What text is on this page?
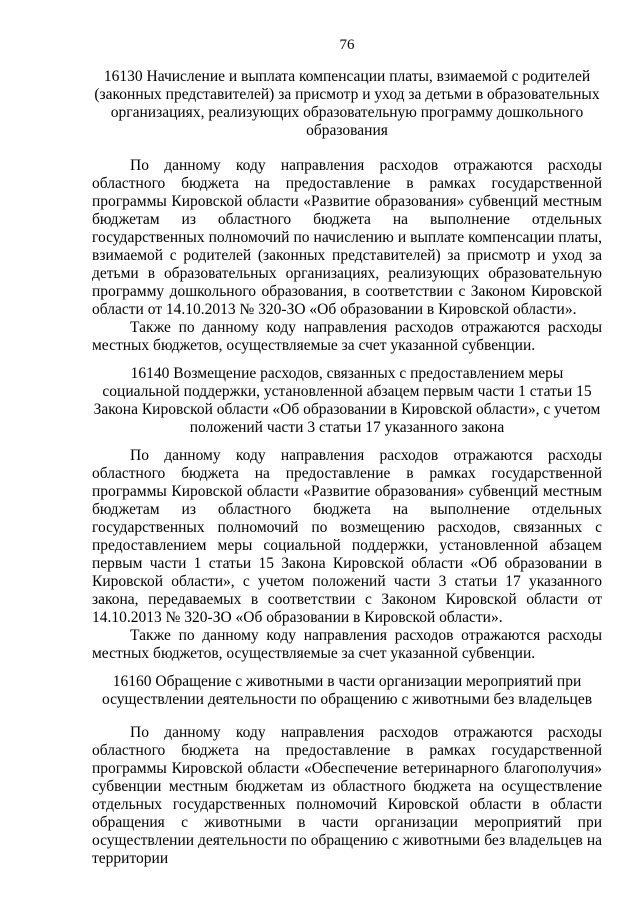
76

16130 Начисление и выплата компенсации платы, взимаемой с родителей (законных представителей) за присмотр и уход за детьми в образовательных организациях, реализующих образовательную программу дошкольного образования

По данному коду направления расходов отражаются расходы областного бюджета на предоставление в рамках государственной программы Кировской области «Развитие образования» субвенций местным бюджетам из областного бюджета на выполнение отдельных государственных полномочий по начислению и выплате компенсации платы, взимаемой с родителей (законных представителей) за присмотр и уход за детьми в образовательных организациях, реализующих образовательную программу дошкольного образования, в соответствии с Законом Кировской области от 14.10.2013 № 320-ЗО «Об образовании в Кировской области».

Также по данному коду направления расходов отражаются расходы местных бюджетов, осуществляемые за счет указанной субвенции.

16140 Возмещение расходов, связанных с предоставлением меры социальной поддержки, установленной абзацем первым части 1 статьи 15 Закона Кировской области «Об образовании в Кировской области», с учетом положений части 3 статьи 17 указанного закона

По данному коду направления расходов отражаются расходы областного бюджета на предоставление в рамках государственной программы Кировской области «Развитие образования» субвенций местным бюджетам из областного бюджета на выполнение отдельных государственных полномочий по возмещению расходов, связанных с предоставлением меры социальной поддержки, установленной абзацем первым части 1 статьи 15 Закона Кировской области «Об образовании в Кировской области», с учетом положений части 3 статьи 17 указанного закона, передаваемых в соответствии с Законом Кировской области от 14.10.2013 № 320-ЗО «Об образовании в Кировской области».

Также по данному коду направления расходов отражаются расходы местных бюджетов, осуществляемые за счет указанной субвенции.

16160 Обращение с животными в части организации мероприятий при осуществлении деятельности по обращению с животными без владельцев

По данному коду направления расходов отражаются расходы областного бюджета на предоставление в рамках государственной программы Кировской области «Обеспечение ветеринарного благополучия» субвенции местным бюджетам из областного бюджета на осуществление отдельных государственных полномочий Кировской области в области обращения с животными в части организации мероприятий при осуществлении деятельности по обращению с животными без владельцев на территории
